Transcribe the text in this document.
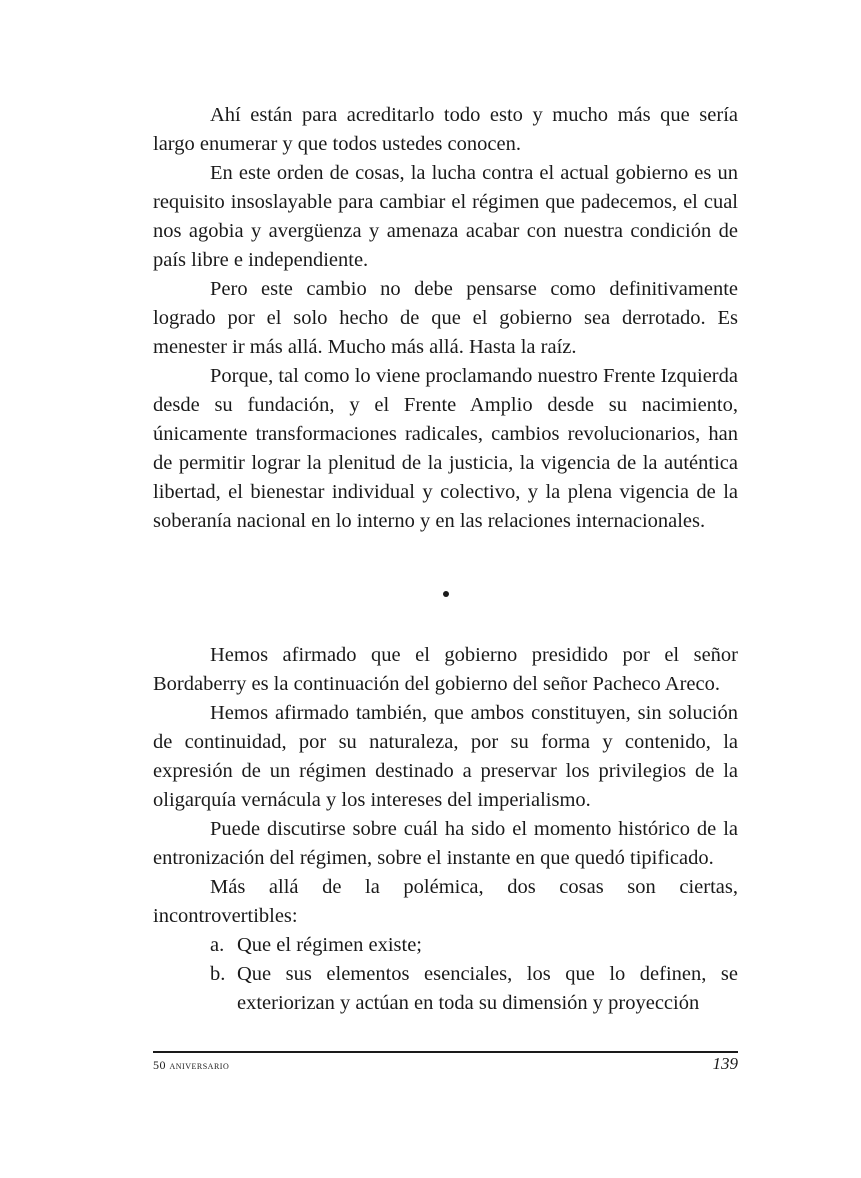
Ahí están para acreditarlo todo esto y mucho más que sería largo enumerar y que todos ustedes conocen.

En este orden de cosas, la lucha contra el actual gobierno es un requisito insoslayable para cambiar el régimen que padecemos, el cual nos agobia y avergüenza y amenaza acabar con nuestra condición de país libre e independiente.

Pero este cambio no debe pensarse como definitivamente logrado por el solo hecho de que el gobierno sea derrotado. Es menester ir más allá. Mucho más allá. Hasta la raíz.

Porque, tal como lo viene proclamando nuestro Frente Izquierda desde su fundación, y el Frente Amplio desde su nacimiento, únicamente transformaciones radicales, cambios revolucionarios, han de permitir lograr la plenitud de la justicia, la vigencia de la auténtica libertad, el bienestar individual y colectivo, y la plena vigencia de la soberanía nacional en lo interno y en las relaciones internacionales.

Hemos afirmado que el gobierno presidido por el señor Bordaberry es la continuación del gobierno del señor Pacheco Areco.

Hemos afirmado también, que ambos constituyen, sin solución de continuidad, por su naturaleza, por su forma y contenido, la expresión de un régimen destinado a preservar los privilegios de la oligarquía vernácula y los intereses del imperialismo.

Puede discutirse sobre cuál ha sido el momento histórico de la entronización del régimen, sobre el instante en que quedó tipificado.

Más allá de la polémica, dos cosas son ciertas, incontrovertibles:

a. Que el régimen existe;
b. Que sus elementos esenciales, los que lo definen, se exteriorizan y actúan en toda su dimensión y proyección
50 aniversario	139
